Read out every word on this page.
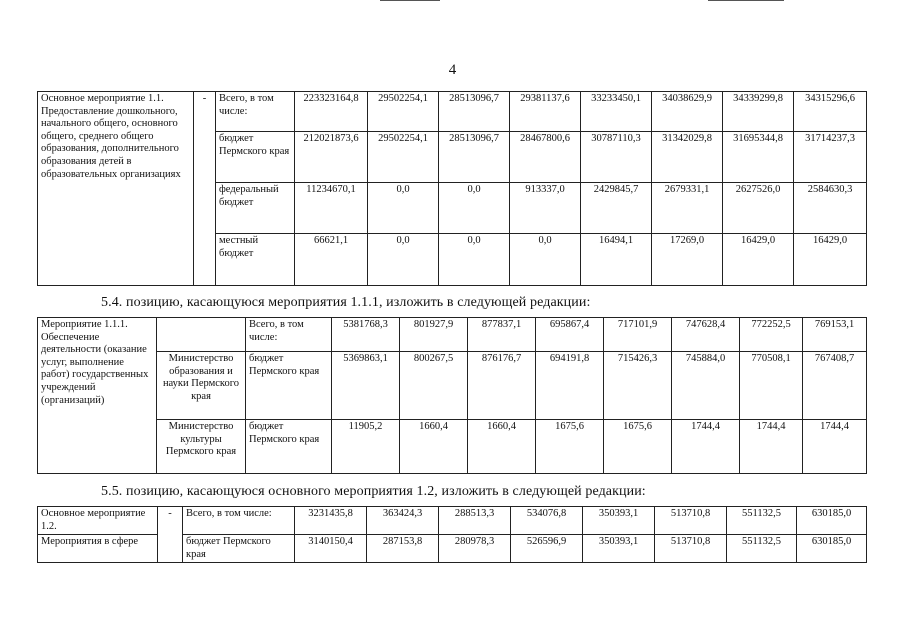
4
Основное мероприятие 1.1. Предоставление дошкольного, начального общего, основного общего, среднего общего образования, дополнительного образования детей в образовательных организациях	-	Всего, в том числе:	223323164,8	29502254,1	28513096,7	29381137,6	33233450,1	34038629,9	34339299,8	34315296,6
		бюджет Пермского края	212021873,6	29502254,1	28513096,7	28467800,6	30787110,3	31342029,8	31695344,8	31714237,3
		федеральный бюджет	11234670,1	0,0	0,0	913337,0	2429845,7	2679331,1	2627526,0	2584630,3
		местный бюджет	66621,1	0,0	0,0	0,0	16494,1	17269,0	16429,0	16429,0
5.4. позицию, касающуюся мероприятия 1.1.1, изложить в следующей редакции:
Мероприятие 1.1.1. Обеспечение деятельности (оказание услуг, выполнение работ) государственных учреждений (организаций)		Всего, в том числе:	5381768,3	801927,9	877837,1	695867,4	717101,9	747628,4	772252,5	769153,1
	Министерство образования и науки Пермского края	бюджет Пермского края	5369863,1	800267,5	876176,7	694191,8	715426,3	745884,0	770508,1	767408,7
	Министерство культуры Пермского края	бюджет Пермского края	11905,2	1660,4	1660,4	1675,6	1675,6	1744,4	1744,4	1744,4
5.5. позицию, касающуюся основного мероприятия 1.2, изложить в следующей редакции:
Основное мероприятие 1.2.	-	Всего, в том числе:	3231435,8	363424,3	288513,3	534076,8	350393,1	513710,8	551132,5	630185,0
Мероприятия в сфере		бюджет Пермского края	3140150,4	287153,8	280978,3	526596,9	350393,1	513710,8	551132,5	630185,0
